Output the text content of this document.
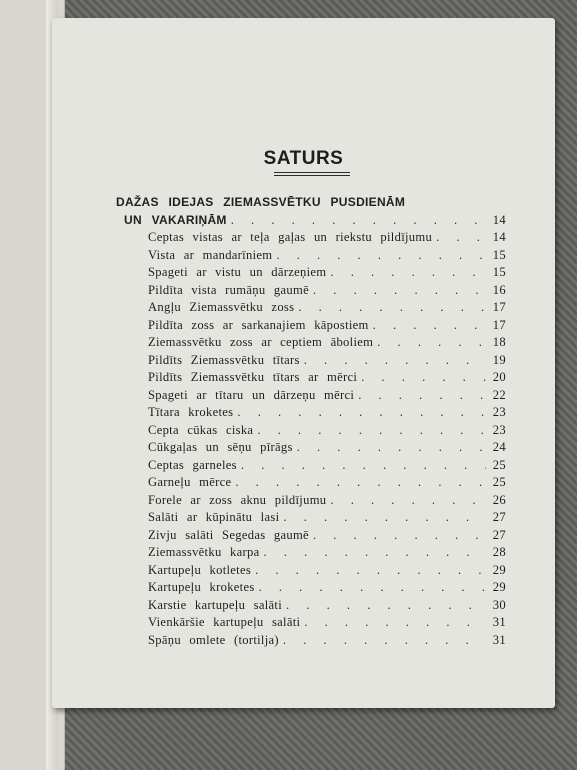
SATURS
DAŽAS IDEJAS ZIEMASSVĒTKU PUSDIENĀM
UN VAKARIŅĀM . . .	14
Ceptas vistas ar teļa gaļas un riekstu pildījumu . . .	14
Vista ar mandarīniem . . .	15
Spageti ar vistu un dārzeņiem . . .	15
Pildīta vista rumāņu gaumē . . .	16
Angļu Ziemassvētku zoss . . .	17
Pildīta zoss ar sarkanajiem kāpostiem . . .	17
Ziemassvētku zoss ar ceptiem āboliem . . .	18
Pildīts Ziemassvētku tītars . . .	19
Pildīts Ziemassvētku tītars ar mērci . . .	20
Spageti ar tītaru un dārzeņu mērci . . .	22
Tītara kroketes . . .	23
Cepta cūkas ciska . . .	23
Cūkgaļas un sēņu pīrāgs . . .	24
Ceptas garneles . . .	25
Garneļu mērce . . .	25
Forele ar zoss aknu pildījumu . . .	26
Salāti ar kūpinātu lasi . . .	27
Zivju salāti Segedas gaumē . . .	27
Ziemassvētku karpa . . .	28
Kartupeļu kotletes . . .	29
Kartupeļu kroketes . . .	29
Karstie kartupeļu salāti . . .	30
Vienkāršie kartupeļu salāti . . .	31
Spāņu omlete (tortilja) . . .	31
